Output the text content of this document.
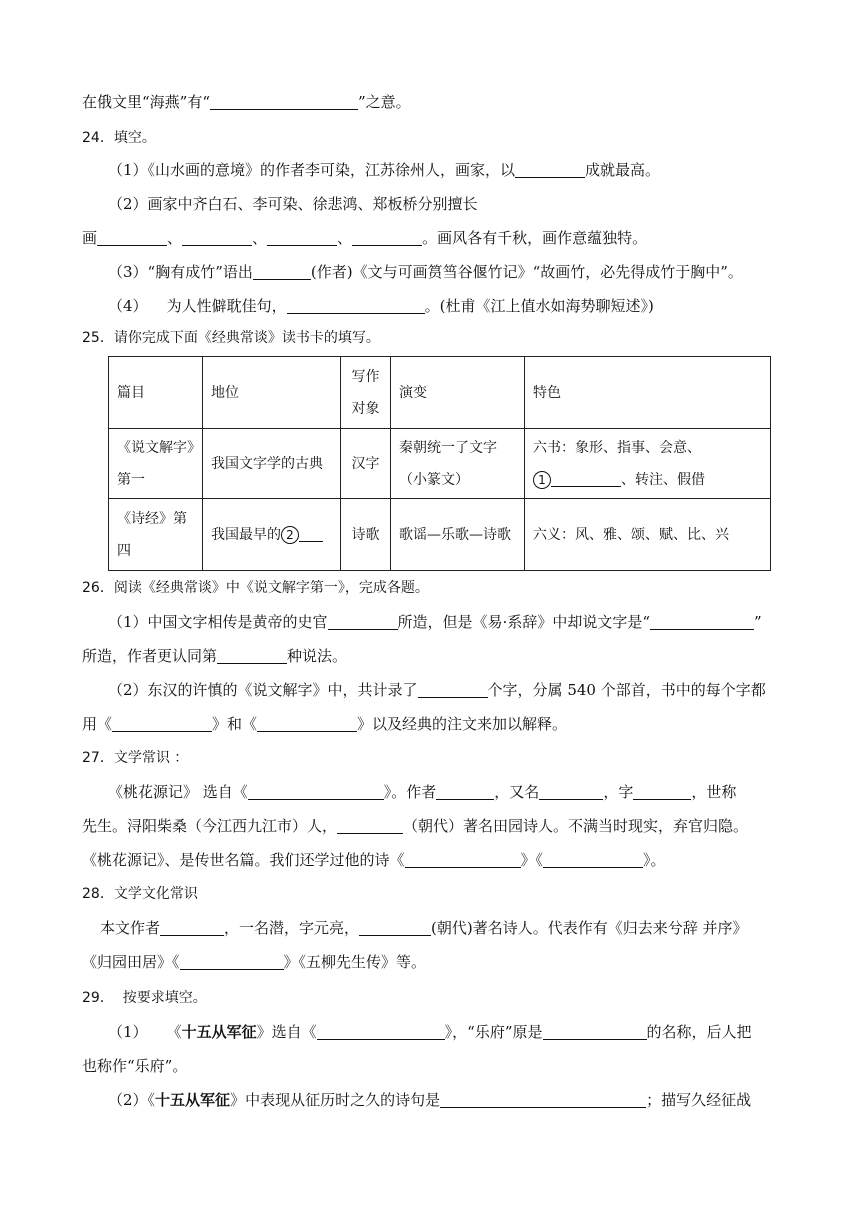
在俄文里“海燕”有“	”之意。
24．填空。
（1）《山水画的意境》的作者李可染，江苏徐州人，画家，以	成就最高。
（2）画家中齐白石、李可染、徐悲鸿、郑板桥分别擅长
画	、	、	、	。画风各有千秋，画作意蕴独特。
（3）“胸有成竹”语出	(作者)《文与可画筼筜谷偃竹记》“故画竹，必先得成竹于胸中”。
（4）    为人性僻耽佳句，	。(杜甫《江上值水如海势聊短述》)
25．请你完成下面《经典常谈》读书卡的填写。
篇目	地位	写作对象	演变	特色
《说文解字》第一	我国文字学的古典	汉字	秦朝统一了文字（小篆文）	六书：象形、指事、会意、
1 、转注、假借
《诗经》第四	我国最早的 2	诗歌	歌谣—乐歌—诗歌	六义：风、雅、颂、赋、比、兴
26．阅读《经典常谈》中《说文解字第一》，完成各题。
（1）中国文字相传是黄帝的史官	所造，但是《易·系辞》中却说文字是“	”
所造，作者更认同第	种说法。
（2）东汉的许慎的《说文解字》中，共计录了	个字，分属 540 个部首，书中的每个字都
用《	》和《	》以及经典的注文来加以解释。
27．文学常识 ：
《桃花源记》 选自《	》。作者	，又名	，字	，世称
先生。浔阳柴桑（今江西九江市）人，	（朝代）著名田园诗人。不满当时现实，弃官归隐。
《桃花源记》、是传世名篇。我们还学过他的诗《	》《	》。
28．文学文化常识
本文作者	，一名潜，字元亮，	(朝代)著名诗人。代表作有《归去来兮辞 并序》
《归园田居》《	》《五柳先生传》等。
29．  按要求填空。
（1）    《十五从军征》选自《	》，“乐府”原是	的名称，后人把
也称作“乐府”。
（2）《十五从军征》中表现从征历时之久的诗句是	；描写久经征战
